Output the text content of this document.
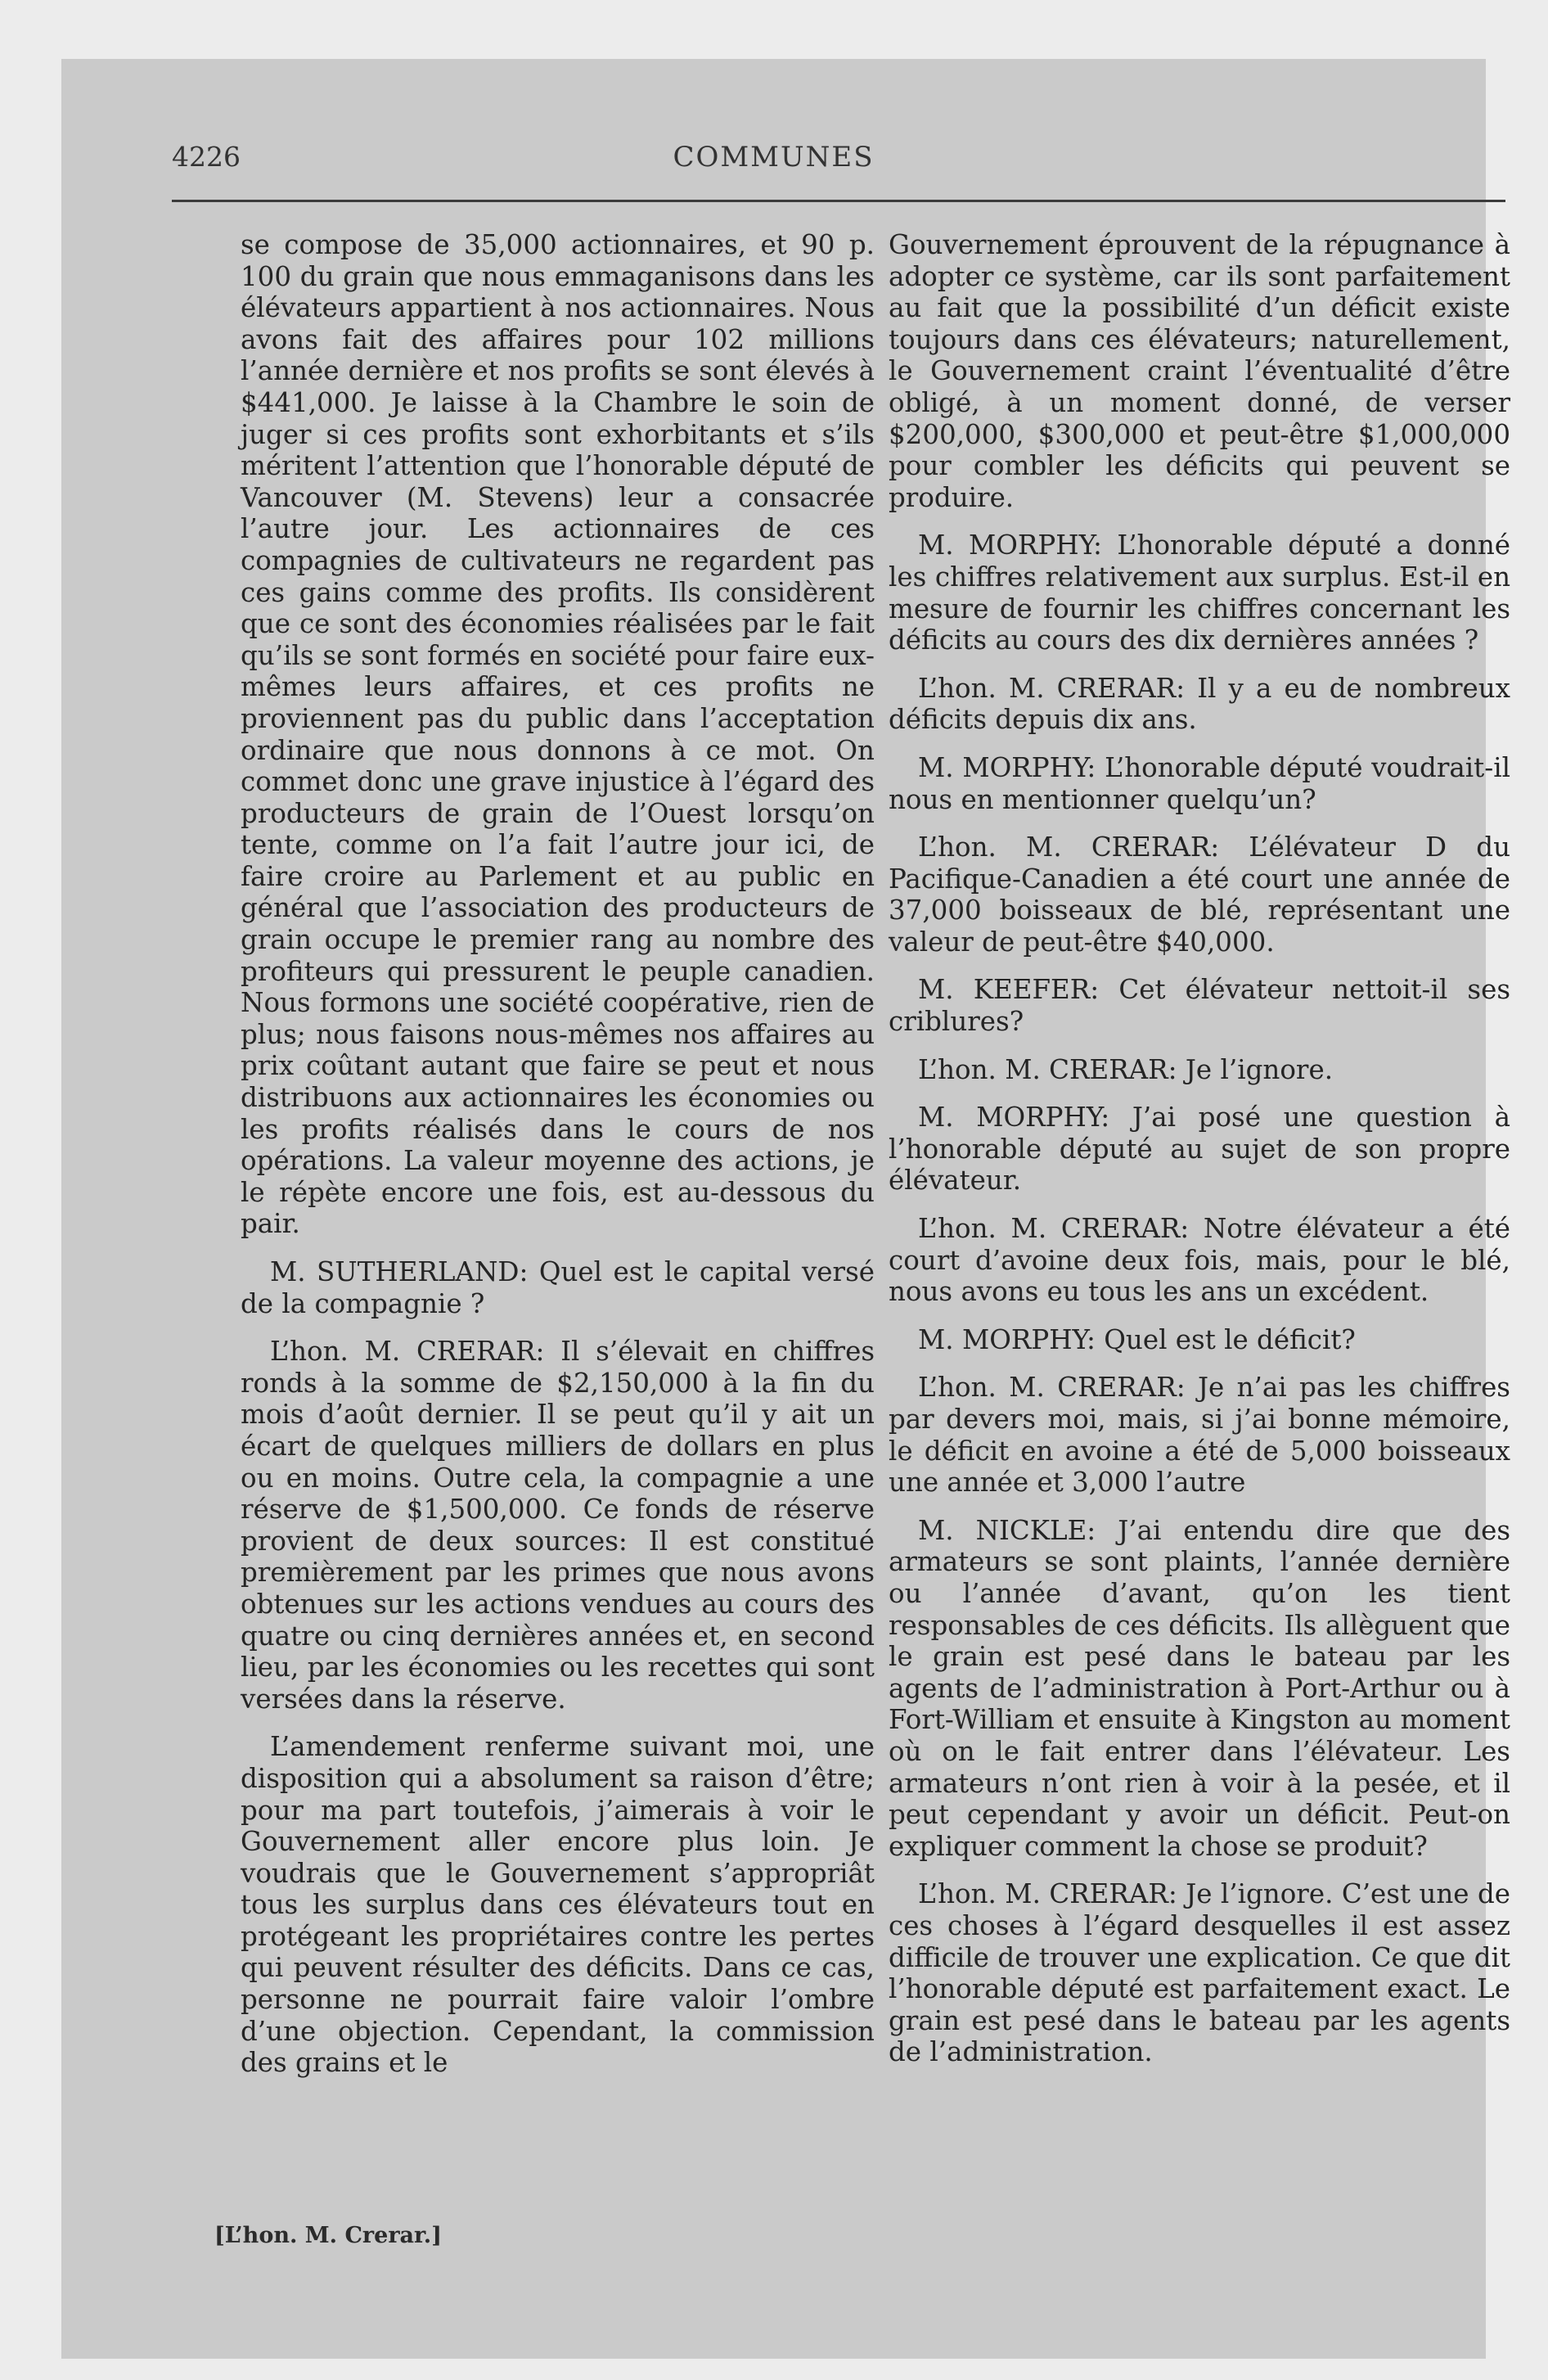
4226	COMMUNES

se compose de 35,000 actionnaires, et 90 p. 100 du grain que nous emmaganisons dans les élévateurs appartient à nos actionnaires. Nous avons fait des affaires pour 102 millions l’année dernière et nos profits se sont élevés à $441,000. Je laisse à la Chambre le soin de juger si ces profits sont exhorbitants et s’ils méritent l’attention que l’honorable député de Vancouver (M. Stevens) leur a consacrée l’autre jour. Les actionnaires de ces compagnies de cultivateurs ne regardent pas ces gains comme des profits. Ils considèrent que ce sont des économies réalisées par le fait qu’ils se sont formés en société pour faire eux-mêmes leurs affaires, et ces profits ne proviennent pas du public dans l’acceptation ordinaire que nous donnons à ce mot. On commet donc une grave injustice à l’égard des producteurs de grain de l’Ouest lorsqu’on tente, comme on l’a fait l’autre jour ici, de faire croire au Parlement et au public en général que l’association des producteurs de grain occupe le premier rang au nombre des profiteurs qui pressurent le peuple canadien. Nous formons une société coopérative, rien de plus; nous faisons nous-mêmes nos affaires au prix coûtant autant que faire se peut et nous distribuons aux actionnaires les économies ou les profits réalisés dans le cours de nos opérations. La valeur moyenne des actions, je le répète encore une fois, est au-dessous du pair.

M. SUTHERLAND: Quel est le capital versé de la compagnie ?

L’hon. M. CRERAR: Il s’élevait en chiffres ronds à la somme de $2,150,000 à la fin du mois d’août dernier. Il se peut qu’il y ait un écart de quelques milliers de dollars en plus ou en moins. Outre cela, la compagnie a une réserve de $1,500,000. Ce fonds de réserve provient de deux sources: Il est constitué premièrement par les primes que nous avons obtenues sur les actions vendues au cours des quatre ou cinq dernières années et, en second lieu, par les économies ou les recettes qui sont versées dans la réserve.

L’amendement renferme suivant moi, une disposition qui a absolument sa raison d’être; pour ma part toutefois, j’aimerais à voir le Gouvernement aller encore plus loin. Je voudrais que le Gouvernement s’appropriât tous les surplus dans ces élévateurs tout en protégeant les propriétaires contre les pertes qui peuvent résulter des déficits. Dans ce cas, personne ne pourrait faire valoir l’ombre d’une objection. Cependant, la commission des grains et le

Gouvernement éprouvent de la répugnance à adopter ce système, car ils sont parfaitement au fait que la possibilité d’un déficit existe toujours dans ces élévateurs; naturellement, le Gouvernement craint l’éventualité d’être obligé, à un moment donné, de verser $200,000, $300,000 et peut-être $1,000,000 pour combler les déficits qui peuvent se produire.

M. MORPHY: L’honorable député a donné les chiffres relativement aux surplus. Est-il en mesure de fournir les chiffres concernant les déficits au cours des dix dernières années ?

L’hon. M. CRERAR: Il y a eu de nombreux déficits depuis dix ans.

M. MORPHY: L’honorable député voudrait-il nous en mentionner quelqu’un?

L’hon. M. CRERAR: L’élévateur D du Pacifique-Canadien a été court une année de 37,000 boisseaux de blé, représentant une valeur de peut-être $40,000.

M. KEEFER: Cet élévateur nettoit-il ses criblures?

L’hon. M. CRERAR: Je l’ignore.

M. MORPHY: J’ai posé une question à l’honorable député au sujet de son propre élévateur.

L’hon. M. CRERAR: Notre élévateur a été court d’avoine deux fois, mais, pour le blé, nous avons eu tous les ans un excédent.

M. MORPHY: Quel est le déficit?

L’hon. M. CRERAR: Je n’ai pas les chiffres par devers moi, mais, si j’ai bonne mémoire, le déficit en avoine a été de 5,000 boisseaux une année et 3,000 l’autre

M. NICKLE: J’ai entendu dire que des armateurs se sont plaints, l’année dernière ou l’année d’avant, qu’on les tient responsables de ces déficits. Ils allèguent que le grain est pesé dans le bateau par les agents de l’administration à Port-Arthur ou à Fort-William et ensuite à Kingston au moment où on le fait entrer dans l’élévateur. Les armateurs n’ont rien à voir à la pesée, et il peut cependant y avoir un déficit. Peut-on expliquer comment la chose se produit?

L’hon. M. CRERAR: Je l’ignore. C’est une de ces choses à l’égard desquelles il est assez difficile de trouver une explication. Ce que dit l’honorable député est parfaitement exact. Le grain est pesé dans le bateau par les agents de l’administration.

[L’hon. M. Crerar.]
